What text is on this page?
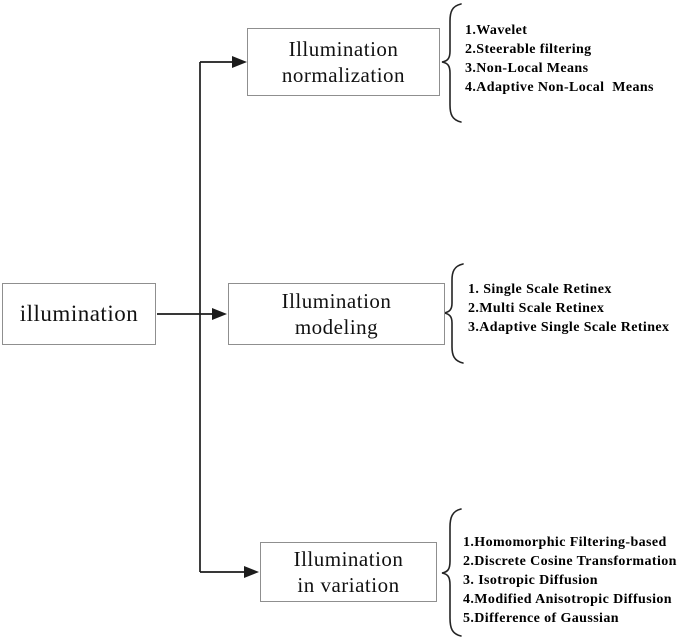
illumination
Illumination
normalization
1.Wavelet
2.Steerable filtering
3.Non-Local Means
4.Adaptive Non-Local  Means
Illumination
modeling
1. Single Scale Retinex
2.Multi Scale Retinex
3.Adaptive Single Scale Retinex
Illumination
in variation
1.Homomorphic Filtering-based
2.Discrete Cosine Transformation
3. Isotropic Diffusion
4.Modified Anisotropic Diffusion
5.Difference of Gaussian
